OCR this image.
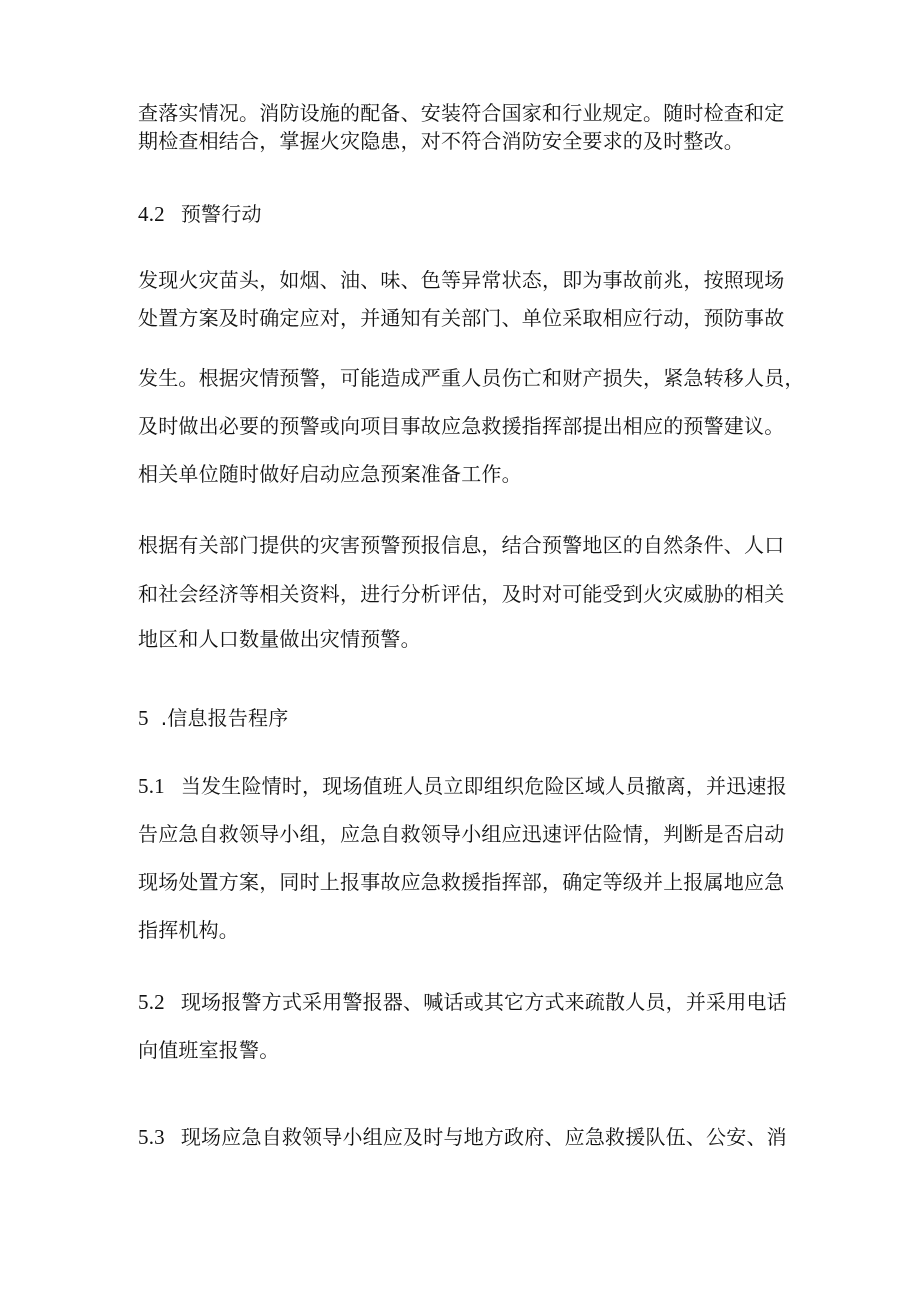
查落实情况。消防设施的配备、安装符合国家和行业规定。随时检查和定
期检查相结合，掌握火灾隐患，对不符合消防安全要求的及时整改。
4.2 预警行动
发现火灾苗头，如烟、油、味、色等异常状态，即为事故前兆，按照现场
处置方案及时确定应对，并通知有关部门、单位采取相应行动，预防事故
发生。根据灾情预警，可能造成严重人员伤亡和财产损失，紧急转移人员，
及时做出必要的预警或向项目事故应急救援指挥部提出相应的预警建议。
相关单位随时做好启动应急预案准备工作。
根据有关部门提供的灾害预警预报信息，结合预警地区的自然条件、人口
和社会经济等相关资料，进行分析评估，及时对可能受到火灾威胁的相关
地区和人口数量做出灾情预警。
5 .信息报告程序
5.1 当发生险情时，现场值班人员立即组织危险区域人员撤离，并迅速报
告应急自救领导小组，应急自救领导小组应迅速评估险情，判断是否启动
现场处置方案，同时上报事故应急救援指挥部，确定等级并上报属地应急
指挥机构。
5.2 现场报警方式采用警报器、喊话或其它方式来疏散人员，并采用电话
向值班室报警。
5.3 现场应急自救领导小组应及时与地方政府、应急救援队伍、公安、消
